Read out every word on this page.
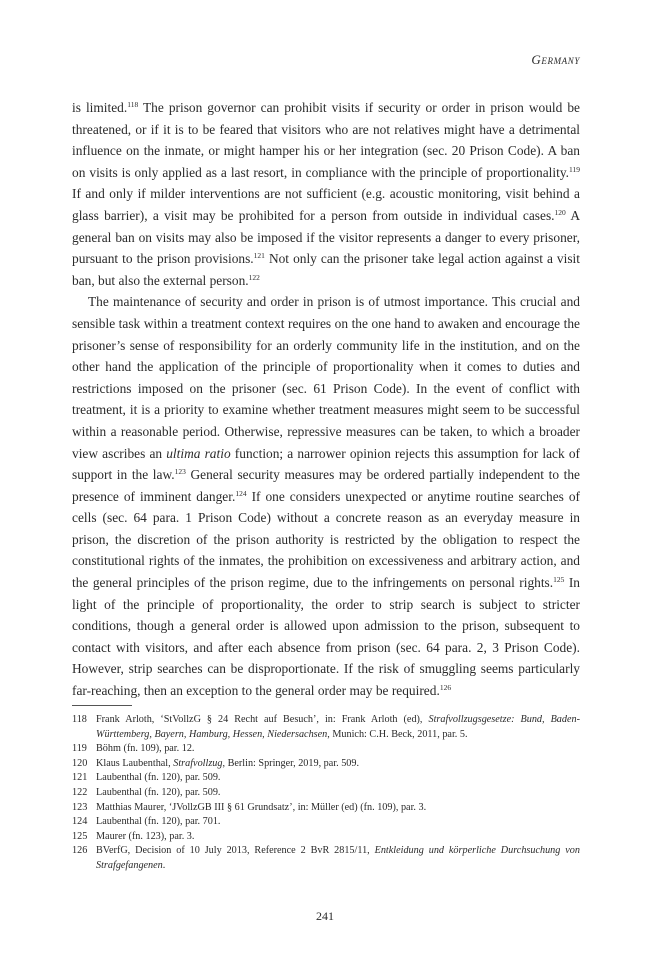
Germany

is limited.$^{118}$ The prison governor can prohibit visits if security or order in prison would be threatened, or if it is to be feared that visitors who are not relatives might have a detrimental influence on the inmate, or might hamper his or her integration (sec. 20 Prison Code). A ban on visits is only applied as a last resort, in compliance with the principle of proportionality.$^{119}$ If and only if milder interventions are not sufficient (e.g. acoustic monitoring, visit behind a glass barrier), a visit may be prohibited for a person from outside in individual cases.$^{120}$ A general ban on visits may also be imposed if the visitor represents a danger to every prisoner, pursuant to the prison provisions.$^{121}$ Not only can the prisoner take legal action against a visit ban, but also the external person.$^{122}$

The maintenance of security and order in prison is of utmost importance. This crucial and sensible task within a treatment context requires on the one hand to awaken and encourage the prisoner’s sense of responsibility for an orderly community life in the institution, and on the other hand the application of the principle of proportionality when it comes to duties and restrictions imposed on the prisoner (sec. 61 Prison Code). In the event of conflict with treatment, it is a priority to examine whether treatment measures might seem to be successful within a reasonable period. Otherwise, repressive measures can be taken, to which a broader view ascribes an ultima ratio function; a narrower opinion rejects this assumption for lack of support in the law.$^{123}$ General security measures may be ordered partially independent to the presence of imminent danger.$^{124}$ If one considers unexpected or anytime routine searches of cells (sec. 64 para. 1 Prison Code) without a concrete reason as an everyday measure in prison, the discretion of the prison authority is restricted by the obligation to respect the constitutional rights of the inmates, the prohibition on excessiveness and arbitrary action, and the general principles of the prison regime, due to the infringements on personal rights.$^{125}$ In light of the principle of proportionality, the order to strip search is subject to stricter conditions, though a general order is allowed upon admission to the prison, subsequent to contact with visitors, and after each absence from prison (sec. 64 para. 2, 3 Prison Code). However, strip searches can be disproportionate. If the risk of smuggling seems particularly far-reaching, then an exception to the general order may be required.$^{126}$

118 Frank Arloth, ‘StVollzG § 24 Recht auf Besuch’, in: Frank Arloth (ed), Strafvollzugsgesetze: Bund, Baden-Württemberg, Bayern, Hamburg, Hessen, Niedersachsen, Munich: C.H. Beck, 2011, par. 5.
119 Böhm (fn. 109), par. 12.
120 Klaus Laubenthal, Strafvollzug, Berlin: Springer, 2019, par. 509.
121 Laubenthal (fn. 120), par. 509.
122 Laubenthal (fn. 120), par. 509.
123 Matthias Maurer, ‘JVollzGB III § 61 Grundsatz’, in: Müller (ed) (fn. 109), par. 3.
124 Laubenthal (fn. 120), par. 701.
125 Maurer (fn. 123), par. 3.
126 BVerfG, Decision of 10 July 2013, Reference 2 BvR 2815/11, Entkleidung und körperliche Durchsuchung von Strafgefangenen.
241
